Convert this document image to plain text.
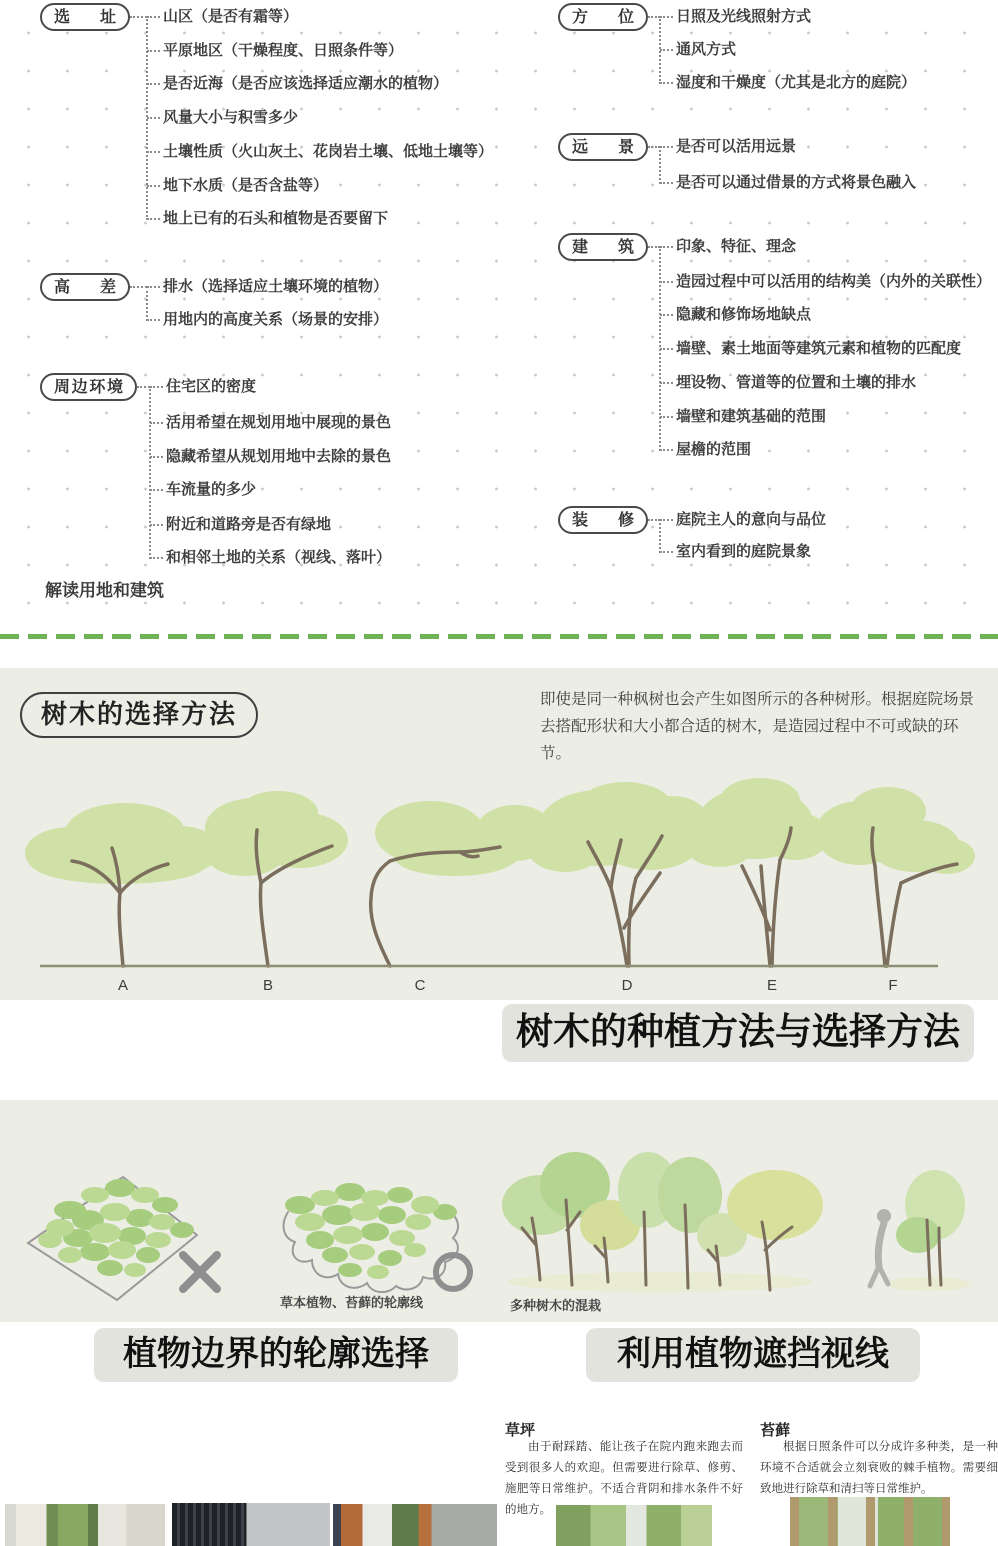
选址	山区（是否有霜等）
平原地区（干燥程度、日照条件等）
是否近海（是否应该选择适应潮水的植物）
风量大小与积雪多少
土壤性质（火山灰土、花岗岩土壤、低地土壤等）
地下水质（是否含盐等）
地上已有的石头和植物是否要留下
高差	排水（选择适应土壤环境的植物）
用地内的高度关系（场景的安排）
周边环境	住宅区的密度
活用希望在规划用地中展现的景色
隐藏希望从规划用地中去除的景色
车流量的多少
附近和道路旁是否有绿地
和相邻土地的关系（视线、落叶）
方位	日照及光线照射方式
通风方式
湿度和干燥度（尤其是北方的庭院）
远景	是否可以活用远景
是否可以通过借景的方式将景色融入
建筑	印象、特征、理念
造园过程中可以活用的结构美（内外的关联性）
隐藏和修饰场地缺点
墙壁、素土地面等建筑元素和植物的匹配度
埋设物、管道等的位置和土壤的排水
墙壁和建筑基础的范围
屋檐的范围
装修	庭院主人的意向与品位
室内看到的庭院景象
解读用地和建筑
树木的选择方法	即使是同一种枫树也会产生如图所示的各种树形。根据庭院场景去搭配形状和大小都合适的树木，是造园过程中不可或缺的环节。

A	B	C	D	E	F
树木的种植方法与选择方法
草本植物、苔藓的轮廓线	多种树木的混栽
植物边界的轮廓选择	利用植物遮挡视线
草坪

由于耐踩踏、能让孩子在院内跑来跑去而受到很多人的欢迎。但需要进行除草、修剪、施肥等日常维护。不适合背阴和排水条件不好的地方。

苔藓

根据日照条件可以分成许多种类，是一种环境不合适就会立刻衰败的棘手植物。需要细致地进行除草和清扫等日常维护。
